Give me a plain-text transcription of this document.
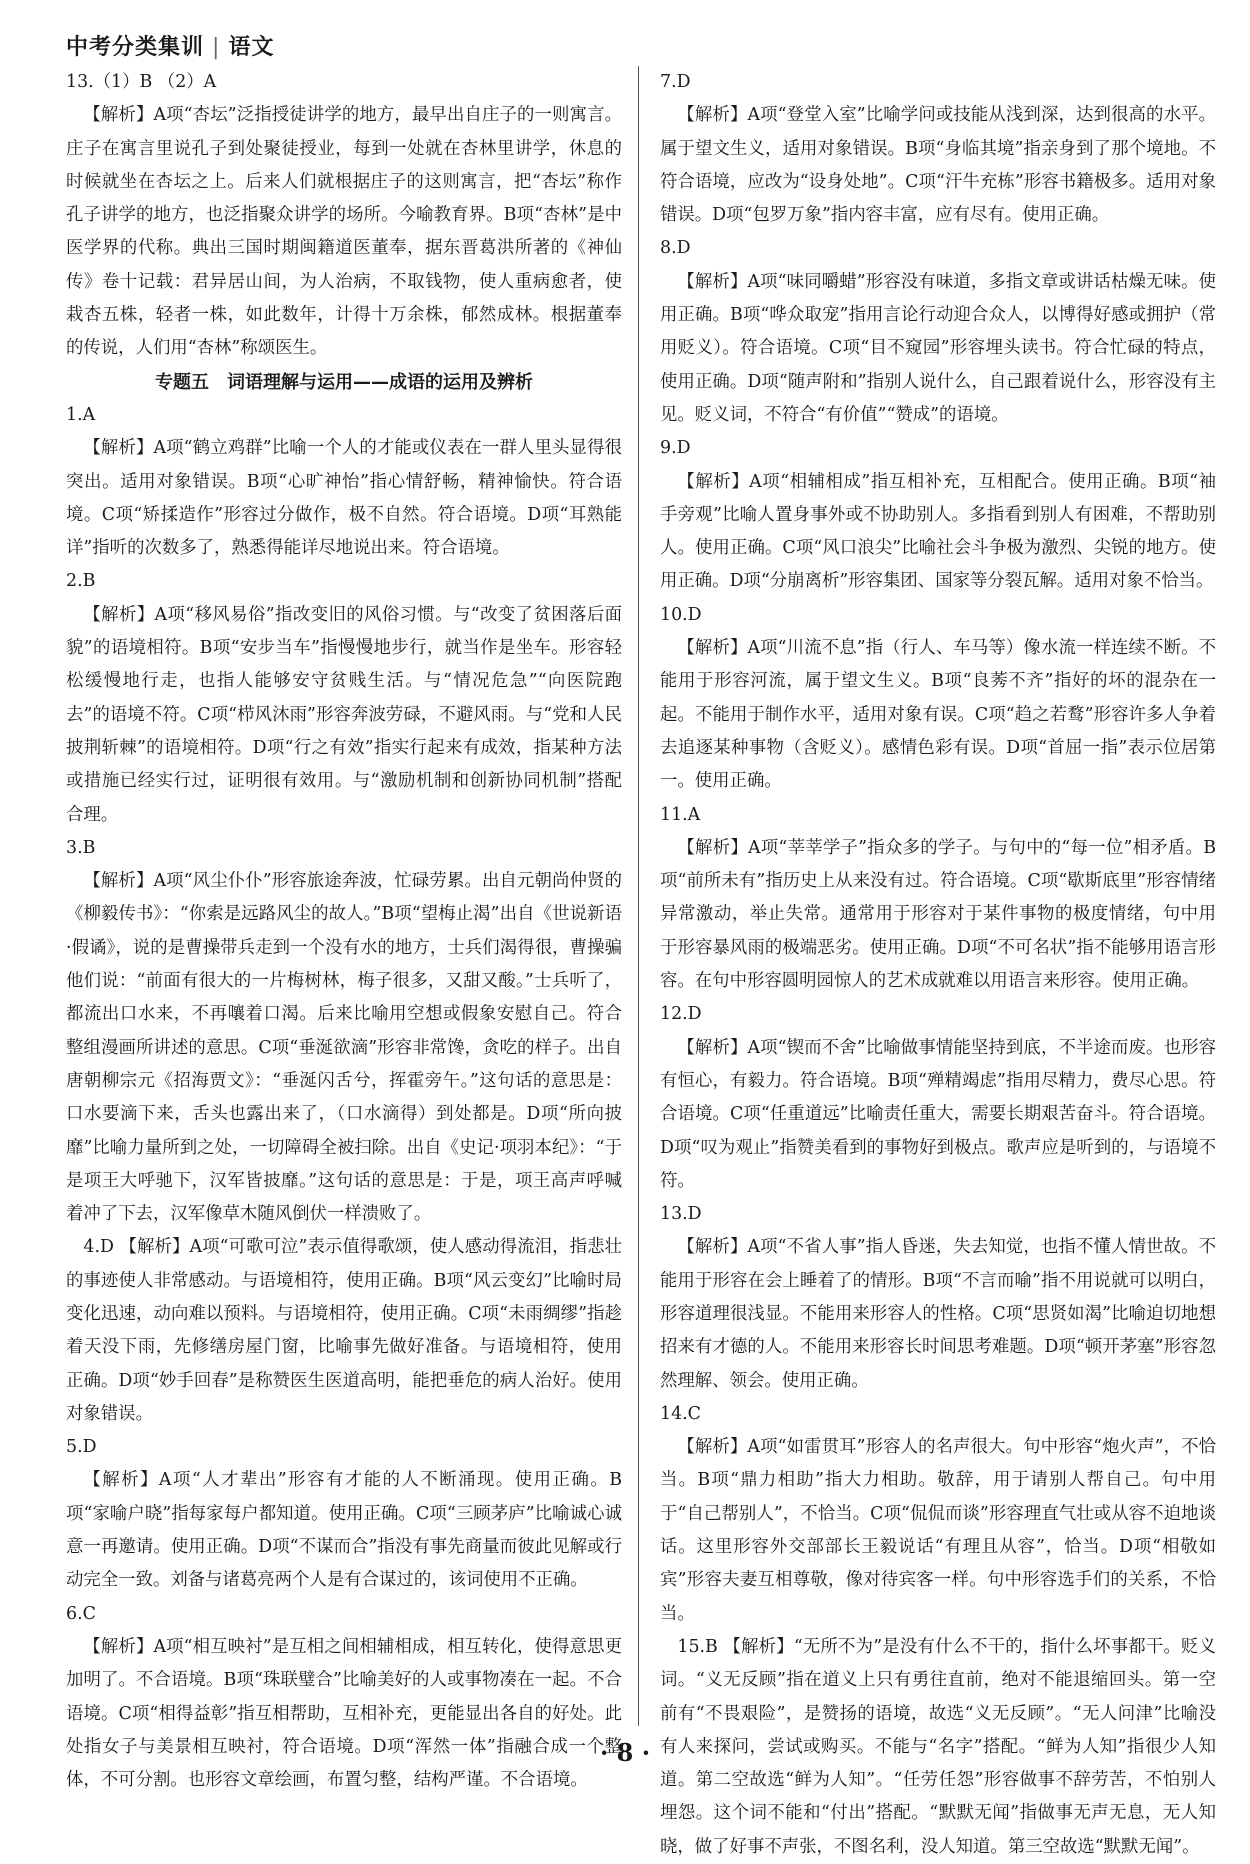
中考分类集训 | 语文
13.（1）B （2）A
【解析】A项“杏坛”泛指授徒讲学的地方，最早出自庄子的一则寓言。庄子在寓言里说孔子到处聚徒授业，每到一处就在杏林里讲学，休息的时候就坐在杏坛之上。后来人们就根据庄子的这则寓言，把“杏坛”称作孔子讲学的地方，也泛指聚众讲学的场所。今喻教育界。B项“杏林”是中医学界的代称。典出三国时期闽籍道医董奉，据东晋葛洪所著的《神仙传》卷十记载：君异居山间，为人治病，不取钱物，使人重病愈者，使栽杏五株，轻者一株，如此数年，计得十万余株，郁然成林。根据董奉的传说，人们用“杏林”称颂医生。
专题五　词语理解与运用——成语的运用及辨析
1.A
【解析】A项“鹤立鸡群”比喻一个人的才能或仪表在一群人里头显得很突出。适用对象错误。B项“心旷神怡”指心情舒畅，精神愉快。符合语境。C项“矫揉造作”形容过分做作，极不自然。符合语境。D项“耳熟能详”指听的次数多了，熟悉得能详尽地说出来。符合语境。
2.B
【解析】A项“移风易俗”指改变旧的风俗习惯。与“改变了贫困落后面貌”的语境相符。B项“安步当车”指慢慢地步行，就当作是坐车。形容轻松缓慢地行走，也指人能够安守贫贱生活。与“情况危急”“向医院跑去”的语境不符。C项“栉风沐雨”形容奔波劳碌，不避风雨。与“党和人民披荆斩棘”的语境相符。D项“行之有效”指实行起来有成效，指某种方法或措施已经实行过，证明很有效用。与“激励机制和创新协同机制”搭配合理。
3.B
【解析】A项“风尘仆仆”形容旅途奔波，忙碌劳累。出自元朝尚仲贤的《柳毅传书》：“你索是远路风尘的故人。”B项“望梅止渴”出自《世说新语·假谲》，说的是曹操带兵走到一个没有水的地方，士兵们渴得很，曹操骗他们说：“前面有很大的一片梅树林，梅子很多，又甜又酸。”士兵听了，都流出口水来，不再嚷着口渴。后来比喻用空想或假象安慰自己。符合整组漫画所讲述的意思。C项“垂涎欲滴”形容非常馋，贪吃的样子。出自唐朝柳宗元《招海贾文》：“垂涎闪舌兮，挥霍旁午。”这句话的意思是：口水要滴下来，舌头也露出来了，（口水滴得）到处都是。D项“所向披靡”比喻力量所到之处，一切障碍全被扫除。出自《史记·项羽本纪》：“于是项王大呼驰下，汉军皆披靡。”这句话的意思是：于是，项王高声呼喊着冲了下去，汉军像草木随风倒伏一样溃败了。
4.D 【解析】A项“可歌可泣”表示值得歌颂，使人感动得流泪，指悲壮的事迹使人非常感动。与语境相符，使用正确。B项“风云变幻”比喻时局变化迅速，动向难以预料。与语境相符，使用正确。C项“未雨绸缪”指趁着天没下雨，先修缮房屋门窗，比喻事先做好准备。与语境相符，使用正确。D项“妙手回春”是称赞医生医道高明，能把垂危的病人治好。使用对象错误。
5.D
【解析】A项“人才辈出”形容有才能的人不断涌现。使用正确。B项“家喻户晓”指每家每户都知道。使用正确。C项“三顾茅庐”比喻诚心诚意一再邀请。使用正确。D项“不谋而合”指没有事先商量而彼此见解或行动完全一致。刘备与诸葛亮两个人是有合谋过的，该词使用不正确。
6.C
【解析】A项“相互映衬”是互相之间相辅相成，相互转化，使得意思更加明了。不合语境。B项“珠联璧合”比喻美好的人或事物凑在一起。不合语境。C项“相得益彰”指互相帮助，互相补充，更能显出各自的好处。此处指女子与美景相互映衬，符合语境。D项“浑然一体”指融合成一个整体，不可分割。也形容文章绘画，布置匀整，结构严谨。不合语境。
7.D
【解析】A项“登堂入室”比喻学问或技能从浅到深，达到很高的水平。属于望文生义，适用对象错误。B项“身临其境”指亲身到了那个境地。不符合语境，应改为“设身处地”。C项“汗牛充栋”形容书籍极多。适用对象错误。D项“包罗万象”指内容丰富，应有尽有。使用正确。
8.D
【解析】A项“味同嚼蜡”形容没有味道，多指文章或讲话枯燥无味。使用正确。B项“哗众取宠”指用言论行动迎合众人，以博得好感或拥护（常用贬义）。符合语境。C项“目不窥园”形容埋头读书。符合忙碌的特点，使用正确。D项“随声附和”指别人说什么，自己跟着说什么，形容没有主见。贬义词，不符合“有价值”“赞成”的语境。
9.D
【解析】A项“相辅相成”指互相补充，互相配合。使用正确。B项“袖手旁观”比喻人置身事外或不协助别人。多指看到别人有困难，不帮助别人。使用正确。C项“风口浪尖”比喻社会斗争极为激烈、尖锐的地方。使用正确。D项“分崩离析”形容集团、国家等分裂瓦解。适用对象不恰当。
10.D
【解析】A项“川流不息”指（行人、车马等）像水流一样连续不断。不能用于形容河流，属于望文生义。B项“良莠不齐”指好的坏的混杂在一起。不能用于制作水平，适用对象有误。C项“趋之若鹜”形容许多人争着去追逐某种事物（含贬义）。感情色彩有误。D项“首屈一指”表示位居第一。使用正确。
11.A
【解析】A项“莘莘学子”指众多的学子。与句中的“每一位”相矛盾。B项“前所未有”指历史上从来没有过。符合语境。C项“歇斯底里”形容情绪异常激动，举止失常。通常用于形容对于某件事物的极度情绪，句中用于形容暴风雨的极端恶劣。使用正确。D项“不可名状”指不能够用语言形容。在句中形容圆明园惊人的艺术成就难以用语言来形容。使用正确。
12.D
【解析】A项“锲而不舍”比喻做事情能坚持到底，不半途而废。也形容有恒心，有毅力。符合语境。B项“殚精竭虑”指用尽精力，费尽心思。符合语境。C项“任重道远”比喻责任重大，需要长期艰苦奋斗。符合语境。D项“叹为观止”指赞美看到的事物好到极点。歌声应是听到的，与语境不符。
13.D
【解析】A项“不省人事”指人昏迷，失去知觉，也指不懂人情世故。不能用于形容在会上睡着了的情形。B项“不言而喻”指不用说就可以明白，形容道理很浅显。不能用来形容人的性格。C项“思贤如渴”比喻迫切地想招来有才德的人。不能用来形容长时间思考难题。D项“顿开茅塞”形容忽然理解、领会。使用正确。
14.C
【解析】A项“如雷贯耳”形容人的名声很大。句中形容“炮火声”，不恰当。B项“鼎力相助”指大力相助。敬辞，用于请别人帮自己。句中用于“自己帮别人”，不恰当。C项“侃侃而谈”形容理直气壮或从容不迫地谈话。这里形容外交部部长王毅说话“有理且从容”，恰当。D项“相敬如宾”形容夫妻互相尊敬，像对待宾客一样。句中形容选手们的关系，不恰当。
15.B 【解析】“无所不为”是没有什么不干的，指什么坏事都干。贬义词。“义无反顾”指在道义上只有勇往直前，绝对不能退缩回头。第一空前有“不畏艰险”，是赞扬的语境，故选“义无反顾”。“无人问津”比喻没有人来探问，尝试或购买。不能与“名字”搭配。“鲜为人知”指很少人知道。第二空故选“鲜为人知”。“任劳任怨”形容做事不辞劳苦，不怕别人埋怨。这个词不能和“付出”搭配。“默默无闻”指做事无声无息，无人知晓，做了好事不声张，不图名利，没人知道。第三空故选“默默无闻”。
· 8 ·
